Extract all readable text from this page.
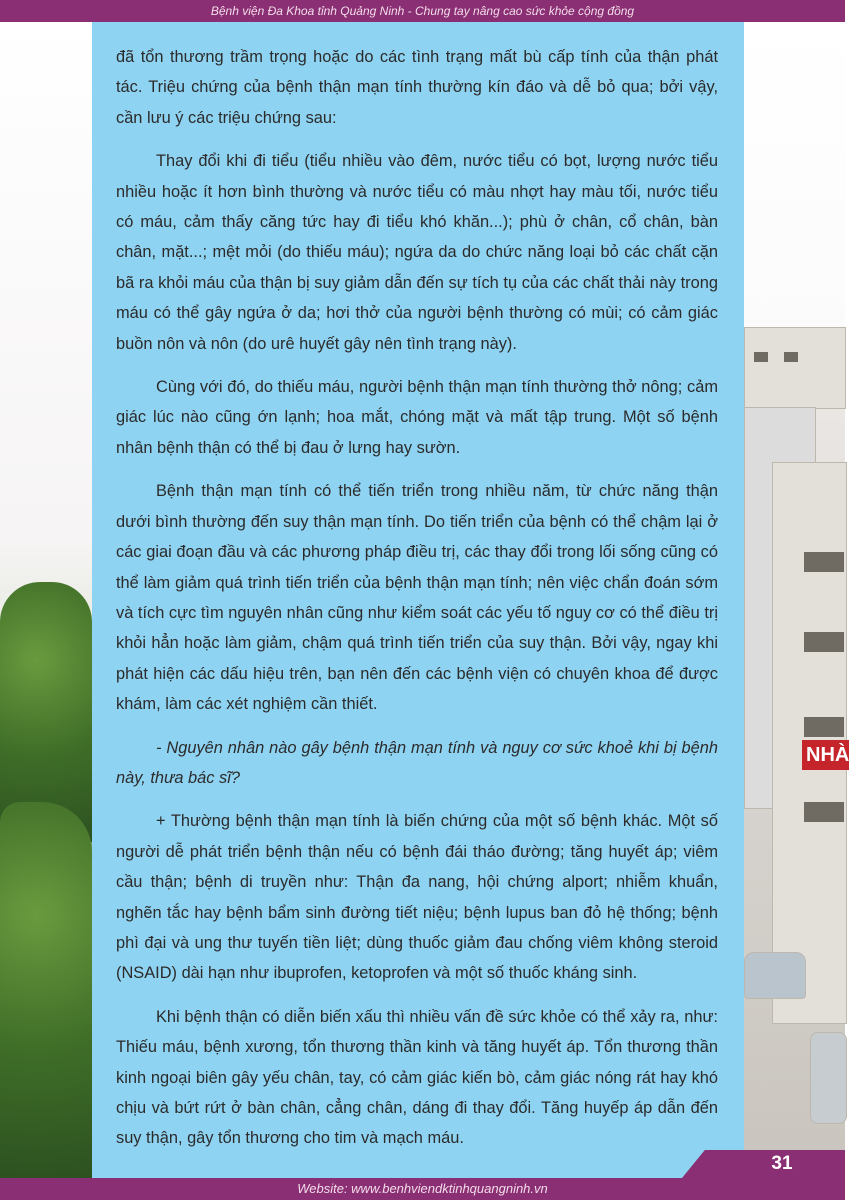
Bệnh viện Đa Khoa tỉnh Quảng Ninh - Chung tay nâng cao sức khỏe cộng đồng
NHÀ

đã tổn thương trầm trọng hoặc do các tình trạng mất bù cấp tính của thận phát tác. Triệu chứng của bệnh thận mạn tính thường kín đáo và dễ bỏ qua; bởi vậy, cần lưu ý các triệu chứng sau:

Thay đổi khi đi tiểu (tiểu nhiều vào đêm, nước tiểu có bọt, lượng nước tiểu nhiều hoặc ít hơn bình thường và nước tiểu có màu nhợt hay màu tối, nước tiểu có máu, cảm thấy căng tức hay đi tiểu khó khăn...); phù ở chân, cổ chân, bàn chân, mặt...; mệt mỏi (do thiếu máu); ngứa da do chức năng loại bỏ các chất cặn bã ra khỏi máu của thận bị suy giảm dẫn đến sự tích tụ của các chất thải này trong máu có thể gây ngứa ở da; hơi thở của người bệnh thường có mùi; có cảm giác buồn nôn và nôn (do urê huyết gây nên tình trạng này).

Cùng với đó, do thiếu máu, người bệnh thận mạn tính thường thở nông; cảm giác lúc nào cũng ớn lạnh; hoa mắt, chóng mặt và mất tập trung. Một số bệnh nhân bệnh thận có thể bị đau ở lưng hay sườn.

Bệnh thận mạn tính có thể tiến triển trong nhiều năm, từ chức năng thận dưới bình thường đến suy thận mạn tính. Do tiến triển của bệnh có thể chậm lại ở các giai đoạn đầu và các phương pháp điều trị, các thay đổi trong lối sống cũng có thể làm giảm quá trình tiến triển của bệnh thận mạn tính; nên việc chẩn đoán sớm và tích cực tìm nguyên nhân cũng như kiểm soát các yếu tố nguy cơ có thể điều trị khỏi hẳn hoặc làm giảm, chậm quá trình tiến triển của suy thận. Bởi vậy, ngay khi phát hiện các dấu hiệu trên, bạn nên đến các bệnh viện có chuyên khoa để được khám, làm các xét nghiệm cần thiết.

- Nguyên nhân nào gây bệnh thận mạn tính và nguy cơ sức khoẻ khi bị bệnh này, thưa bác sĩ?

+ Thường bệnh thận mạn tính là biến chứng của một số bệnh khác. Một số người dễ phát triển bệnh thận nếu có bệnh đái tháo đường; tăng huyết áp; viêm cầu thận; bệnh di truyền như: Thận đa nang, hội chứng alport; nhiễm khuẩn, nghẽn tắc hay bệnh bẩm sinh đường tiết niệu; bệnh lupus ban đỏ hệ thống; bệnh phì đại và ung thư tuyến tiền liệt; dùng thuốc giảm đau chống viêm không steroid (NSAID) dài hạn như ibuprofen, ketoprofen và một số thuốc kháng sinh.

Khi bệnh thận có diễn biến xấu thì nhiều vấn đề sức khỏe có thể xảy ra, như: Thiếu máu, bệnh xương, tổn thương thần kinh và tăng huyết áp. Tổn thương thần kinh ngoại biên gây yếu chân, tay, có cảm giác kiến bò, cảm giác nóng rát hay khó chịu và bứt rứt ở bàn chân, cẳng chân, dáng đi thay đổi. Tăng huyếp áp dẫn đến suy thận, gây tổn thương cho tim và mạch máu.

31
Website: www.benhviendktinhquangninh.vn
